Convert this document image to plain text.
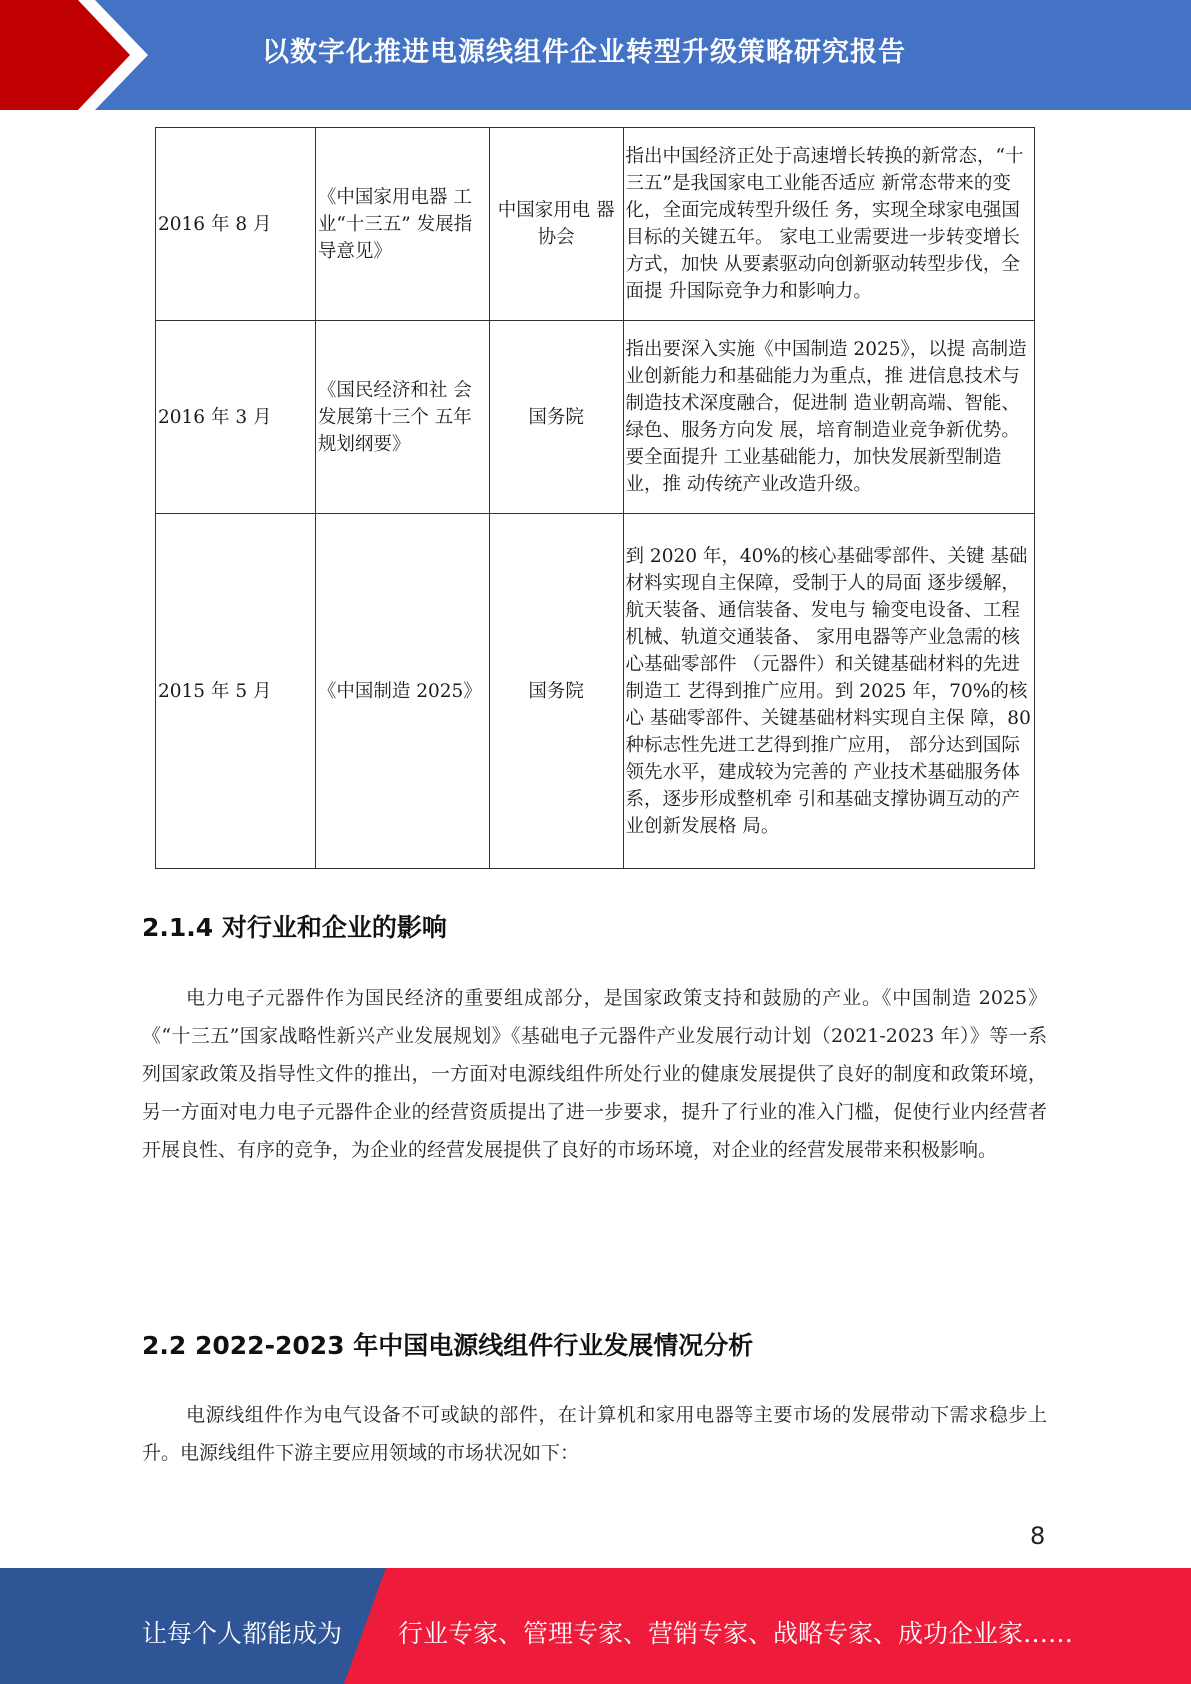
以数字化推进电源线组件企业转型升级策略研究报告
2016 年 8 月	《中国家用电器 工业“十三五” 发展指导意见》	中国家用电 器协会	指出中国经济正处于高速增长转换的新常态，“十三五”是我国家电工业能否适应 新常态带来的变化，全面完成转型升级任 务，实现全球家电强国目标的关键五年。 家电工业需要进一步转变增长方式，加快 从要素驱动向创新驱动转型步伐，全面提 升国际竞争力和影响力。
2016 年 3 月	《国民经济和社 会发展第十三个 五年规划纲要》	国务院	指出要深入实施《中国制造 2025》，以提 高制造业创新能力和基础能力为重点，推 进信息技术与制造技术深度融合，促进制 造业朝高端、智能、绿色、服务方向发 展，培育制造业竞争新优势。要全面提升 工业基础能力，加快发展新型制造业，推 动传统产业改造升级。
2015 年 5 月	《中国制造 2025》	国务院	到 2020 年，40%的核心基础零部件、关键 基础材料实现自主保障，受制于人的局面 逐步缓解，航天装备、通信装备、发电与 输变电设备、工程机械、轨道交通装备、 家用电器等产业急需的核心基础零部件 （元器件）和关键基础材料的先进制造工 艺得到推广应用。到 2025 年，70%的核心 基础零部件、关键基础材料实现自主保 障，80 种标志性先进工艺得到推广应用， 部分达到国际领先水平，建成较为完善的 产业技术基础服务体系，逐步形成整机牵 引和基础支撑协调互动的产业创新发展格 局。
2.1.4 对行业和企业的影响
电力电子元器件作为国民经济的重要组成部分，是国家政策支持和鼓励的产业。《中国制造 2025》《“十三五”国家战略性新兴产业发展规划》《基础电子元器件产业发展行动计划（2021-2023 年）》等一系列国家政策及指导性文件的推出，一方面对电源线组件所处行业的健康发展提供了良好的制度和政策环境，另一方面对电力电子元器件企业的经营资质提出了进一步要求，提升了行业的准入门槛，促使行业内经营者开展良性、有序的竞争，为企业的经营发展提供了良好的市场环境，对企业的经营发展带来积极影响。
2.2 2022-2023 年中国电源线组件行业发展情况分析
电源线组件作为电气设备不可或缺的部件，在计算机和家用电器等主要市场的发展带动下需求稳步上升。电源线组件下游主要应用领域的市场状况如下：
8
让每个人都能成为 行业专家、管理专家、营销专家、战略专家、成功企业家……
